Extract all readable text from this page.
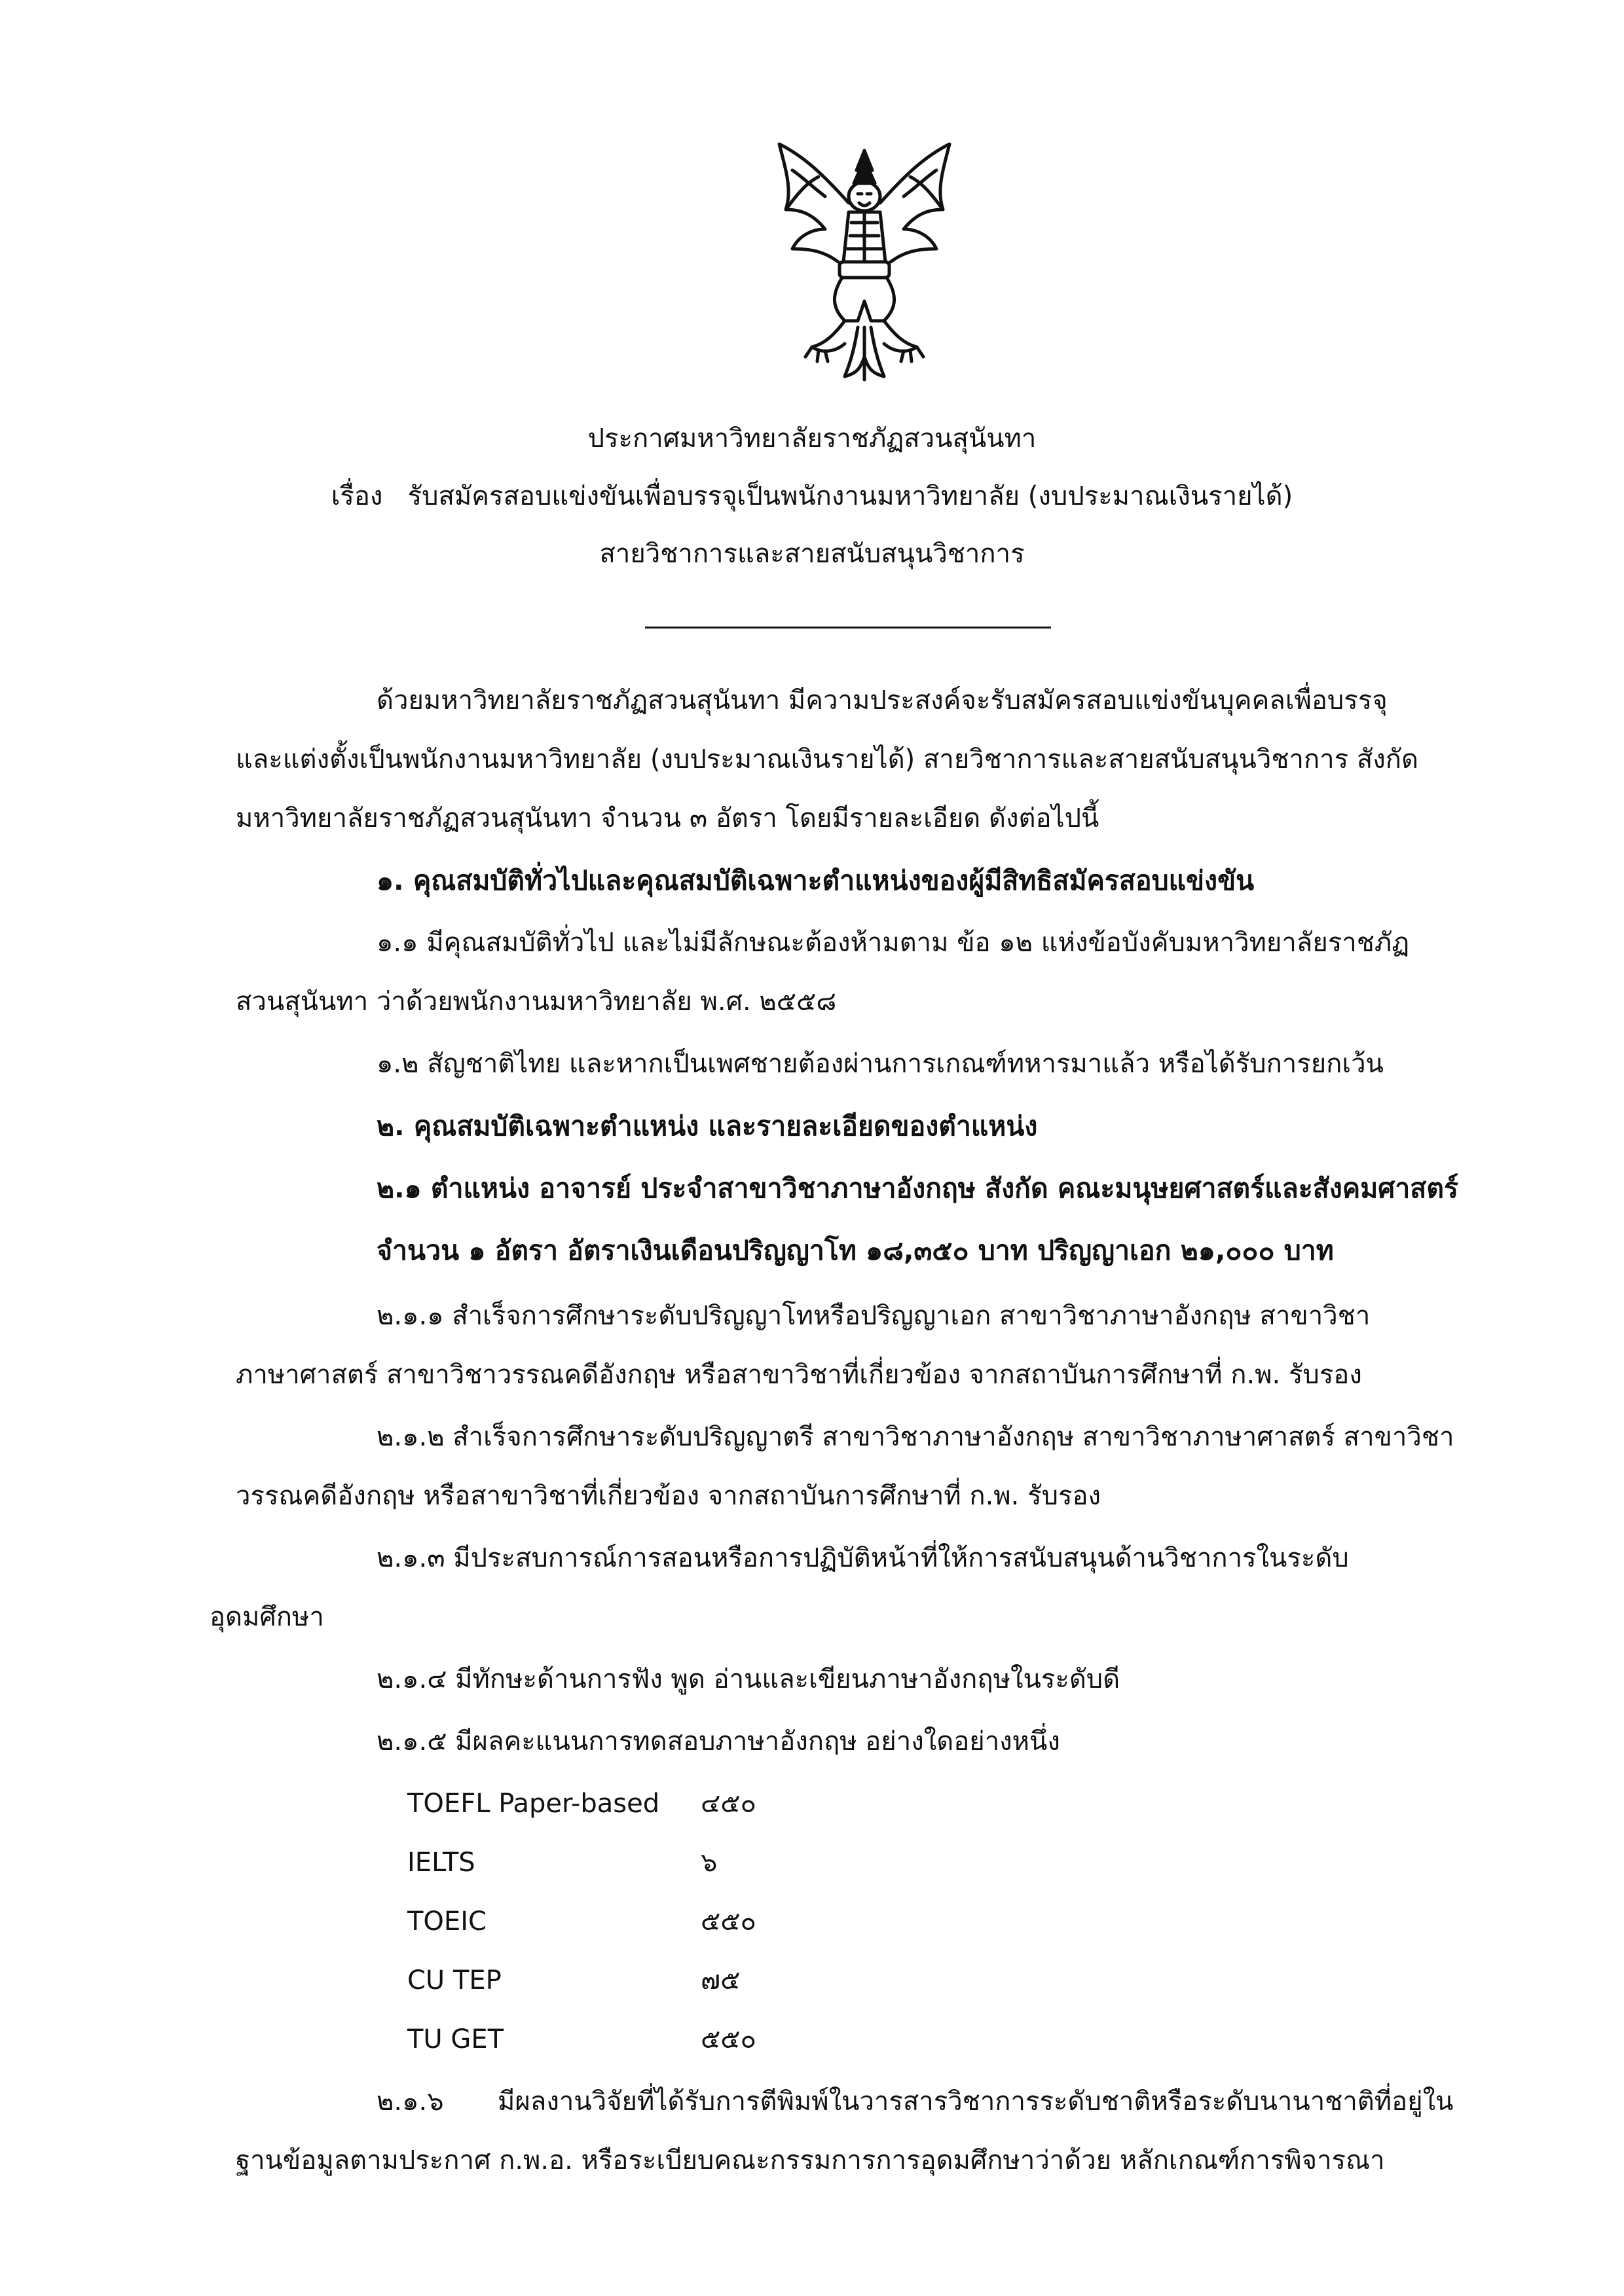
ประกาศมหาวิทยาลัยราชภัฏสวนสุนันทา
เรื่อง รับสมัครสอบแข่งขันเพื่อบรรจุเป็นพนักงานมหาวิทยาลัย (งบประมาณเงินรายได้)
สายวิชาการและสายสนับสนุนวิชาการ
ด้วยมหาวิทยาลัยราชภัฏสวนสุนันทา มีความประสงค์จะรับสมัครสอบแข่งขันบุคคลเพื่อบรรจุ
และแต่งตั้งเป็นพนักงานมหาวิทยาลัย (งบประมาณเงินรายได้) สายวิชาการและสายสนับสนุนวิชาการ สังกัด
มหาวิทยาลัยราชภัฏสวนสุนันทา จำนวน ๓ อัตรา โดยมีรายละเอียด ดังต่อไปนี้
๑. คุณสมบัติทั่วไปและคุณสมบัติเฉพาะตำแหน่งของผู้มีสิทธิสมัครสอบแข่งขัน
๑.๑ มีคุณสมบัติทั่วไป และไม่มีลักษณะต้องห้ามตาม ข้อ ๑๒ แห่งข้อบังคับมหาวิทยาลัยราชภัฏ
สวนสุนันทา ว่าด้วยพนักงานมหาวิทยาลัย พ.ศ. ๒๕๕๘
๑.๒ สัญชาติไทย และหากเป็นเพศชายต้องผ่านการเกณฑ์ทหารมาแล้ว หรือได้รับการยกเว้น
๒. คุณสมบัติเฉพาะตำแหน่ง และรายละเอียดของตำแหน่ง
๒.๑ ตำแหน่ง อาจารย์ ประจำสาขาวิชาภาษาอังกฤษ สังกัด คณะมนุษยศาสตร์และสังคมศาสตร์
จำนวน ๑ อัตรา อัตราเงินเดือนปริญญาโท ๑๘,๓๕๐ บาท ปริญญาเอก ๒๑,๐๐๐ บาท
๒.๑.๑ สำเร็จการศึกษาระดับปริญญาโทหรือปริญญาเอก สาขาวิชาภาษาอังกฤษ สาขาวิชา
ภาษาศาสตร์ สาขาวิชาวรรณคดีอังกฤษ หรือสาขาวิชาที่เกี่ยวข้อง จากสถาบันการศึกษาที่ ก.พ. รับรอง
๒.๑.๒ สำเร็จการศึกษาระดับปริญญาตรี สาขาวิชาภาษาอังกฤษ สาขาวิชาภาษาศาสตร์ สาขาวิชา
วรรณคดีอังกฤษ หรือสาขาวิชาที่เกี่ยวข้อง จากสถาบันการศึกษาที่ ก.พ. รับรอง
๒.๑.๓ มีประสบการณ์การสอนหรือการปฏิบัติหน้าที่ให้การสนับสนุนด้านวิชาการในระดับ
อุดมศึกษา
๒.๑.๔ มีทักษะด้านการฟัง พูด อ่านและเขียนภาษาอังกฤษในระดับดี
๒.๑.๕ มีผลคะแนนการทดสอบภาษาอังกฤษ อย่างใดอย่างหนึ่ง
TOEFL Paper-based ๔๕๐
IELTS	๖
TOEIC	๕๕๐
CU TEP	๗๕
TU GET	๕๕๐
๒.๑.๖ มีผลงานวิจัยที่ได้รับการตีพิมพ์ในวารสารวิชาการระดับชาติหรือระดับนานาชาติที่อยู่ใน
ฐานข้อมูลตามประกาศ ก.พ.อ. หรือระเบียบคณะกรรมการการอุดมศึกษาว่าด้วย หลักเกณฑ์การพิจารณา
